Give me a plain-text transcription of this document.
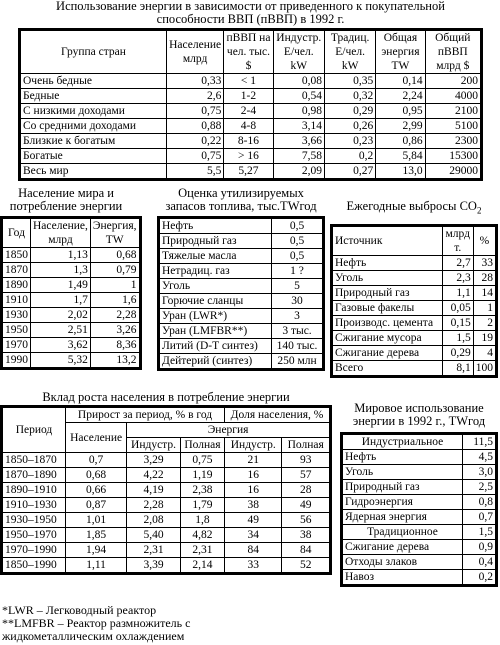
Использование энергии в зависимости от приведенного к покупательной
способности ВВП (пВВП) в 1992 г.
Группа стран	Население млрд	пВВП на чел. тыс. $	Индустр. E/чел. kW	Традиц. E/чел. kW	Общая энергия TW	Общий пВВП млрд $
Очень бедные	0,33	< 1	0,08	0,35	0,14	200
Бедные	2,6	1-2	0,54	0,32	2,24	4000
С низкими доходами	0,75	2-4	0,98	0,29	0,95	2100
Со средними доходами	0,88	4-8	3,14	0,26	2,99	5100
Близкие к богатым	0,22	8-16	3,66	0,23	0,86	2300
Богатые	0,75	> 16	7,58	0,2	5,84	15300
Весь мир	5,5	5,27	2,09	0,27	13,0	29000
Население мира и
потребление энергии
Год	Население, млрд	Энергия, TW
1850	1,13	0,68
1870	1,3	0,79
1890	1,49	1
1910	1,7	1,6
1930	2,02	2,28
1950	2,51	3,26
1970	3,62	8,36
1990	5,32	13,2
Оценка утилизируемых
запасов топлива, тыс.TWгод
Нефть	0,5
Природный газ	0,5
Тяжелые масла	0,5
Нетрадиц. газ	1 ?
Уголь	5
Горючие сланцы	30
Уран (LWR*)	3
Уран (LMFBR**)	3 тыс.
Литий (D-T синтез)	140 тыс.
Дейтерий (синтез)	250 млн
Ежегодные выбросы $CO_2$
Источник	млрд т.	%
Нефть	2,7	33
Уголь	2,3	28
Природный газ	1,1	14
Газовые факелы	0,05	1
Производс. цемента	0,15	2
Сжигание мусора	1,5	19
Сжигание дерева	0,29	4
Всего	8,1	100
Вклад роста населения в потребление энергии
Период	Прирост за период, % в год			Доля населения, %	
	Население	Энергия			
		Индустр.	Полная	Индустр.	Полная
1850–1870	0,7	3,29	0,75	21	93
1870–1890	0,68	4,22	1,19	16	57
1890–1910	0,66	4,19	2,38	16	28
1910–1930	0,87	2,28	1,79	38	49
1930–1950	1,01	2,08	1,8	49	56
1950–1970	1,85	5,40	4,82	34	38
1970–1990	1,94	2,31	2,31	84	84
1850–1990	1,11	3,39	2,14	33	52
Мировое использование
энергии в 1992 г., TWгод
Индустриальное	11,5
Нефть	4,5
Уголь	3,0
Природный газ	2,5
Гидроэнергия	0,8
Ядерная энергия	0,7
Традиционное	1,5
Сжигание дерева	0,9
Отходы злаков	0,4
Навоз	0,2
*LWR – Легководный реактор
**LMFBR – Реактор размножитель с
жидкометаллическим охлаждением
